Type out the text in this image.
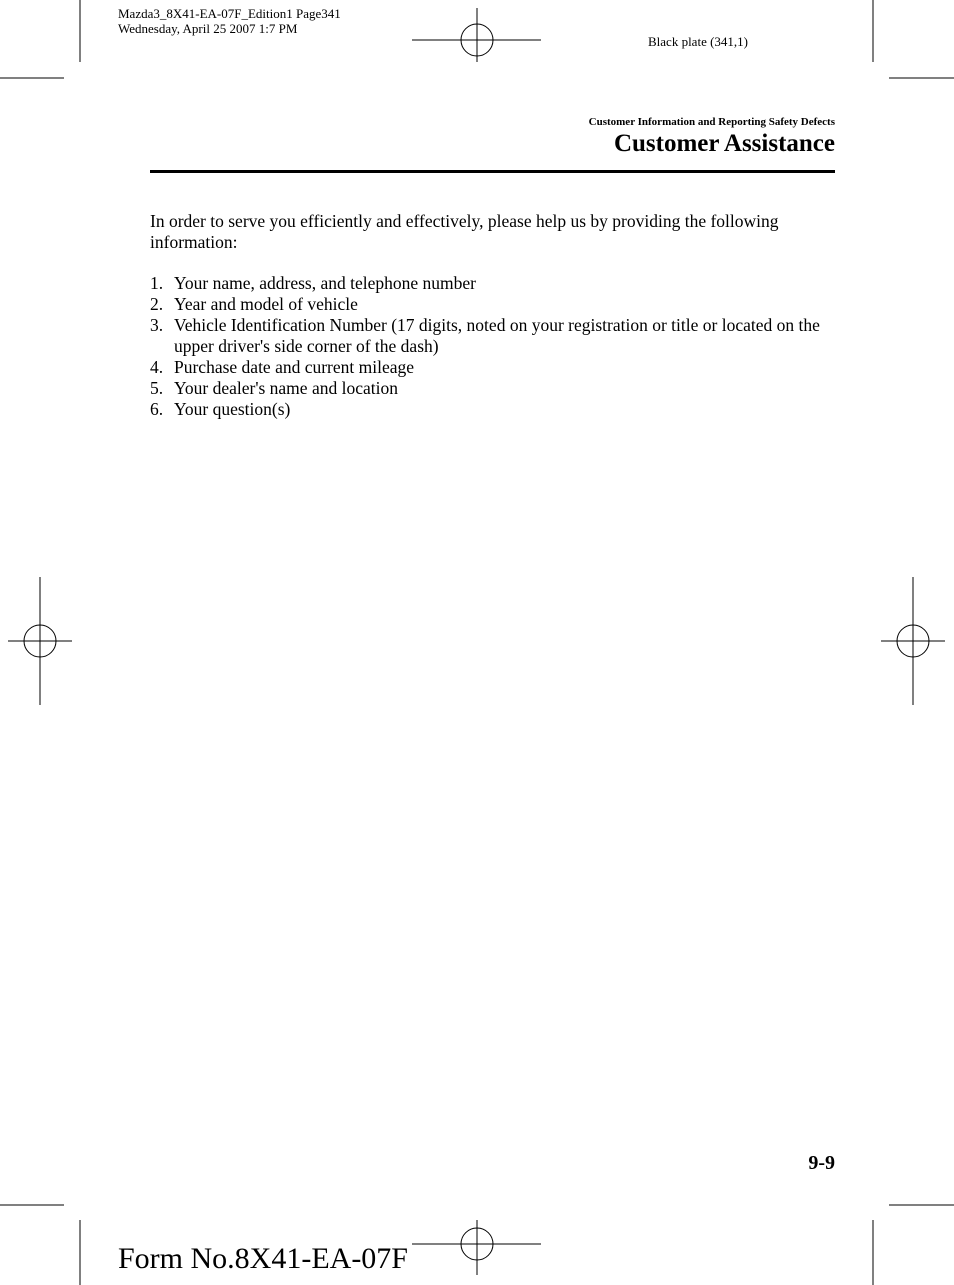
Mazda3_8X41-EA-07F_Edition1 Page341
Wednesday, April 25 2007 1:7 PM
Black plate (341,1)
Customer Information and Reporting Safety Defects
Customer Assistance

In order to serve you efficiently and effectively, please help us by providing the following information:

1. Your name, address, and telephone number
2. Year and model of vehicle
3. Vehicle Identification Number (17 digits, noted on your registration or title or located on the upper driver's side corner of the dash)
4. Purchase date and current mileage
5. Your dealer's name and location
6. Your question(s)
9-9
Form No.8X41-EA-07F
